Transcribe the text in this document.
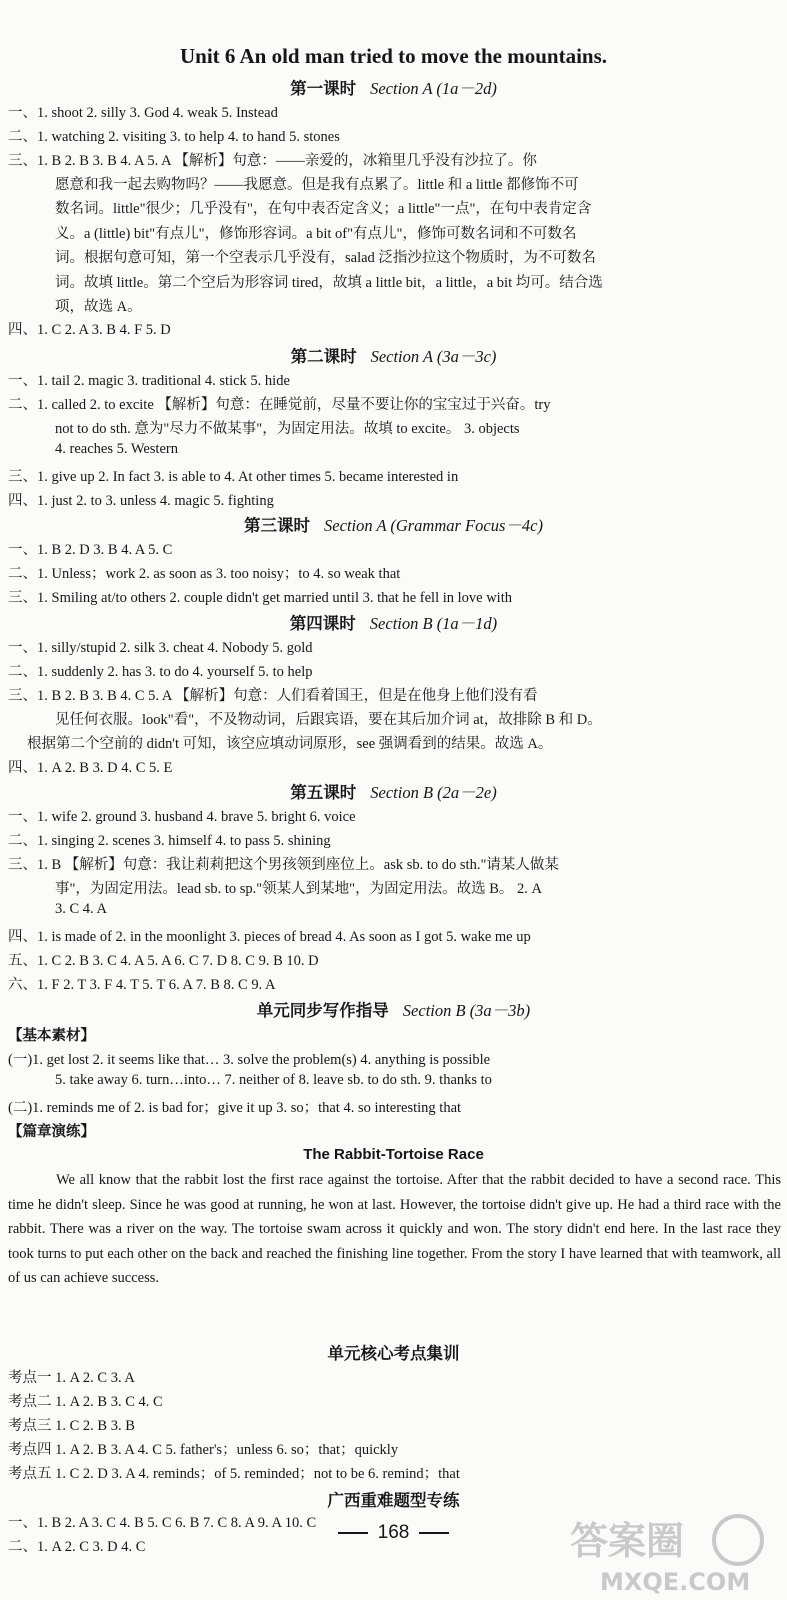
Unit 6 An old man tried to move the mountains.
第一课时 Section A (1a－2d)
一、1. shoot 2. silly 3. God 4. weak 5. Instead
二、1. watching 2. visiting 3. to help 4. to hand 5. stones
三、1. B 2. B 3. B 4. A 5. A 【解析】句意：——亲爱的，冰箱里几乎没有沙拉了。你
愿意和我一起去购物吗？——我愿意。但是我有点累了。little 和 a little 都修饰不可
数名词。little"很少；几乎没有"，在句中表否定含义；a little"一点"，在句中表肯定含
义。a (little) bit"有点儿"，修饰形容词。a bit of"有点儿"，修饰可数名词和不可数名
词。根据句意可知，第一个空表示几乎没有，salad 泛指沙拉这个物质时，为不可数名
词。故填 little。第二个空后为形容词 tired，故填 a little bit，a little，a bit 均可。结合选
项，故选 A。
四、1. C 2. A 3. B 4. F 5. D
第二课时 Section A (3a－3c)
一、1. tail 2. magic 3. traditional 4. stick 5. hide
二、1. called 2. to excite 【解析】句意：在睡觉前，尽量不要让你的宝宝过于兴奋。try
not to do sth. 意为"尽力不做某事"，为固定用法。故填 to excite。 3. objects
4. reaches 5. Western
三、1. give up 2. In fact 3. is able to 4. At other times 5. became interested in
四、1. just 2. to 3. unless 4. magic 5. fighting
第三课时 Section A (Grammar Focus－4c)
一、1. B 2. D 3. B 4. A 5. C
二、1. Unless；work 2. as soon as 3. too noisy；to 4. so weak that
三、1. Smiling at/to others 2. couple didn't get married until 3. that he fell in love with
第四课时 Section B (1a－1d)
一、1. silly/stupid 2. silk 3. cheat 4. Nobody 5. gold
二、1. suddenly 2. has 3. to do 4. yourself 5. to help
三、1. B 2. B 3. B 4. C 5. A 【解析】句意：人们看着国王，但是在他身上他们没有看
见任何衣服。look"看"，不及物动词，后跟宾语，要在其后加介词 at，故排除 B 和 D。
根据第二个空前的 didn't 可知，该空应填动词原形，see 强调看到的结果。故选 A。
四、1. A 2. B 3. D 4. C 5. E
第五课时 Section B (2a－2e)
一、1. wife 2. ground 3. husband 4. brave 5. bright 6. voice
二、1. singing 2. scenes 3. himself 4. to pass 5. shining
三、1. B 【解析】句意：我让莉莉把这个男孩领到座位上。ask sb. to do sth."请某人做某
事"，为固定用法。lead sb. to sp."领某人到某地"，为固定用法。故选 B。 2. A
3. C 4. A
四、1. is made of 2. in the moonlight 3. pieces of bread 4. As soon as I got 5. wake me up
五、1. C 2. B 3. C 4. A 5. A 6. C 7. D 8. C 9. B 10. D
六、1. F 2. T 3. F 4. T 5. T 6. A 7. B 8. C 9. A
单元同步写作指导 Section B (3a－3b)
【基本素材】
(一)1. get lost 2. it seems like that… 3. solve the problem(s) 4. anything is possible
5. take away 6. turn…into… 7. neither of 8. leave sb. to do sth. 9. thanks to
(二)1. reminds me of 2. is bad for；give it up 3. so；that 4. so interesting that
【篇章演练】
The Rabbit-Tortoise Race

We all know that the rabbit lost the first race against the tortoise. After that the rabbit decided to have a second race. This time he didn't sleep. Since he was good at running, he won at last. However, the tortoise didn't give up. He had a third race with the rabbit. There was a river on the way. The tortoise swam across it quickly and won. The story didn't end here. In the last race they took turns to put each other on the back and reached the finishing line together. From the story I have learned that with teamwork, all of us can achieve success.

单元核心考点集训
考点一 1. A 2. C 3. A
考点二 1. A 2. B 3. C 4. C
考点三 1. C 2. B 3. B
考点四 1. A 2. B 3. A 4. C 5. father's；unless 6. so；that；quickly
考点五 1. C 2. D 3. A 4. reminds；of 5. reminded；not to be 6. remind；that
广西重难题型专练
一、1. B 2. A 3. C 4. B 5. C 6. B 7. C 8. A 9. A 10. C
二、1. A 2. C 3. D 4. C
168	答案圈
MXQE.COM
